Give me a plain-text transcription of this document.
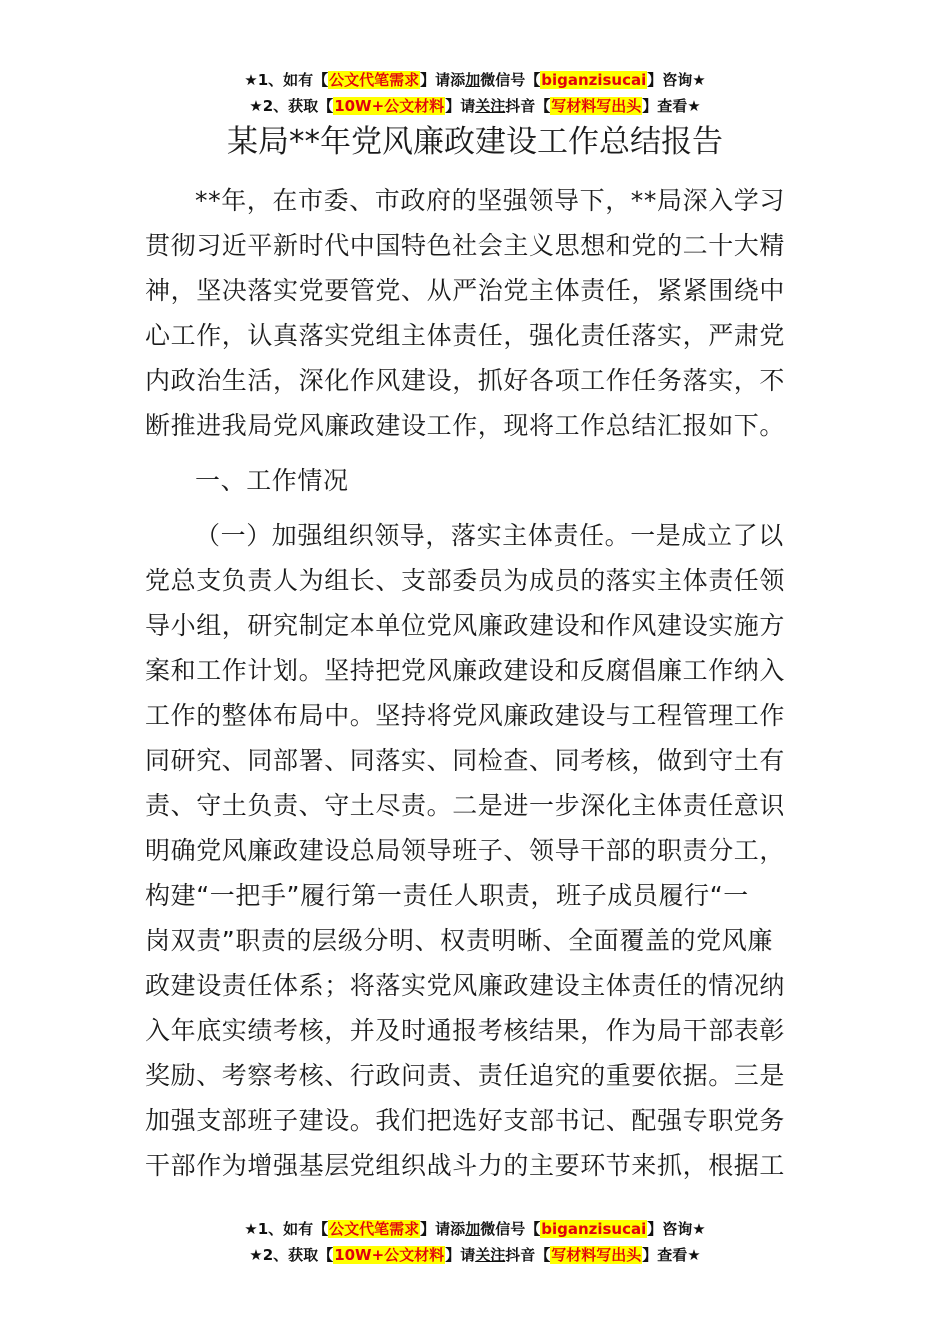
★1、如有【公文代笔需求】请添加微信号【biganzisucai】咨询★
★2、获取【10W+公文材料】请关注抖音【写材料写出头】查看★
某局**年党风廉政建设工作总结报告
**年，在市委、市政府的坚强领导下，**局深入学习
贯彻习近平新时代中国特色社会主义思想和党的二十大精
神，坚决落实党要管党、从严治党主体责任，紧紧围绕中
心工作，认真落实党组主体责任，强化责任落实，严肃党
内政治生活，深化作风建设，抓好各项工作任务落实，不
断推进我局党风廉政建设工作，现将工作总结汇报如下。
一、工作情况
（一）加强组织领导，落实主体责任。一是成立了以
党总支负责人为组长、支部委员为成员的落实主体责任领
导小组，研究制定本单位党风廉政建设和作风建设实施方
案和工作计划。坚持把党风廉政建设和反腐倡廉工作纳入
工作的整体布局中。坚持将党风廉政建设与工程管理工作
同研究、同部署、同落实、同检查、同考核，做到守土有
责、守土负责、守土尽责。二是进一步深化主体责任意识
明确党风廉政建设总局领导班子、领导干部的职责分工，
构建“一把手”履行第一责任人职责，班子成员履行“一
岗双责”职责的层级分明、权责明晰、全面覆盖的党风廉
政建设责任体系；将落实党风廉政建设主体责任的情况纳
入年底实绩考核，并及时通报考核结果，作为局干部表彰
奖励、考察考核、行政问责、责任追究的重要依据。三是
加强支部班子建设。我们把选好支部书记、配强专职党务
干部作为增强基层党组织战斗力的主要环节来抓，根据工
★1、如有【公文代笔需求】请添加微信号【biganzisucai】咨询★
★2、获取【10W+公文材料】请关注抖音【写材料写出头】查看★
